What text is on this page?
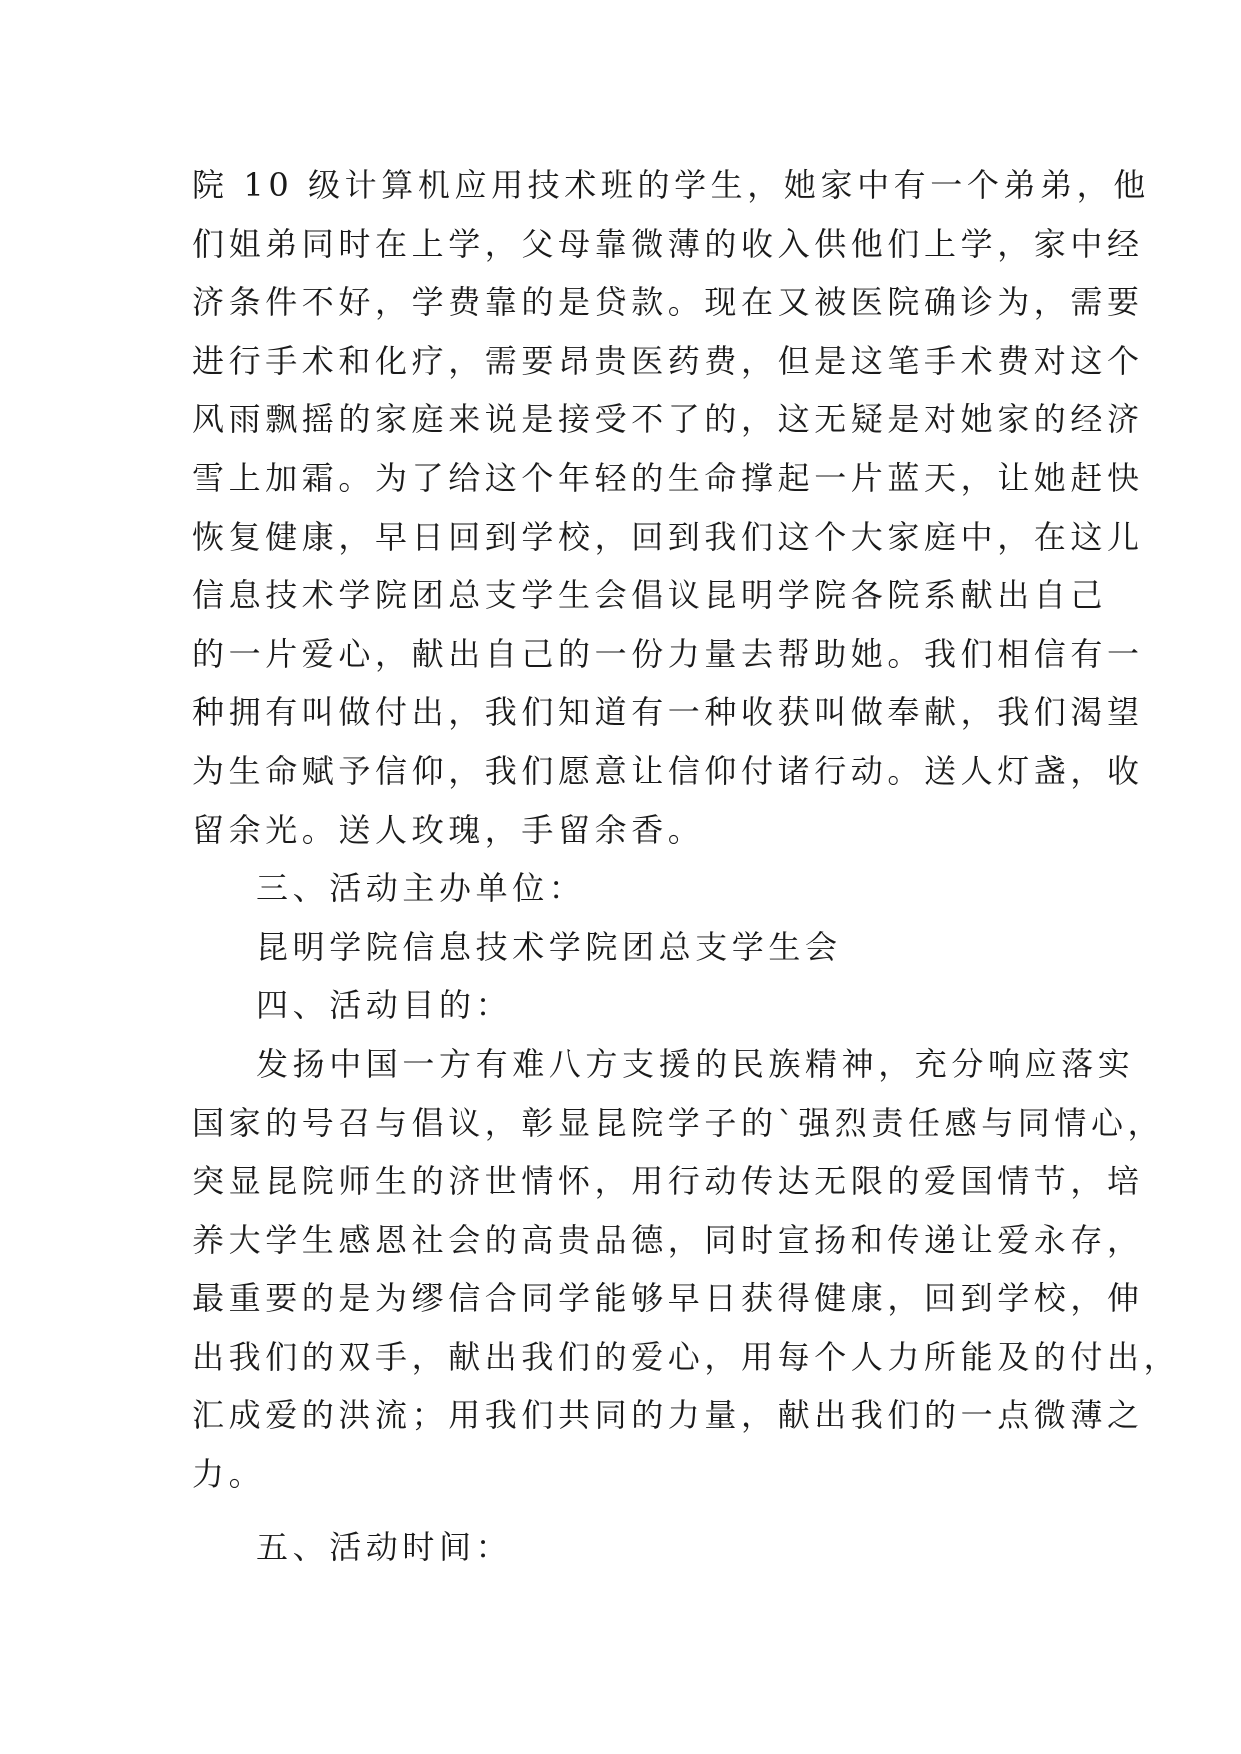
院 10 级计算机应用技术班的学生，她家中有一个弟弟，他
们姐弟同时在上学，父母靠微薄的收入供他们上学，家中经
济条件不好，学费靠的是贷款。现在又被医院确诊为，需要
进行手术和化疗，需要昂贵医药费，但是这笔手术费对这个
风雨飘摇的家庭来说是接受不了的，这无疑是对她家的经济
雪上加霜。为了给这个年轻的生命撑起一片蓝天，让她赶快
恢复健康，早日回到学校，回到我们这个大家庭中，在这儿
信息技术学院团总支学生会倡议昆明学院各院系献出自己
的一片爱心，献出自己的一份力量去帮助她。我们相信有一
种拥有叫做付出，我们知道有一种收获叫做奉献，我们渴望
为生命赋予信仰，我们愿意让信仰付诸行动。送人灯盏，收
留余光。送人玫瑰，手留余香。
三、活动主办单位：
昆明学院信息技术学院团总支学生会
四、活动目的：
发扬中国一方有难八方支援的民族精神，充分响应落实
国家的号召与倡议，彰显昆院学子的`强烈责任感与同情心，
突显昆院师生的济世情怀，用行动传达无限的爱国情节，培
养大学生感恩社会的高贵品德，同时宣扬和传递让爱永存，
最重要的是为缪信合同学能够早日获得健康，回到学校，伸
出我们的双手，献出我们的爱心，用每个人力所能及的付出，
汇成爱的洪流；用我们共同的力量，献出我们的一点微薄之
力。
五、活动时间：
